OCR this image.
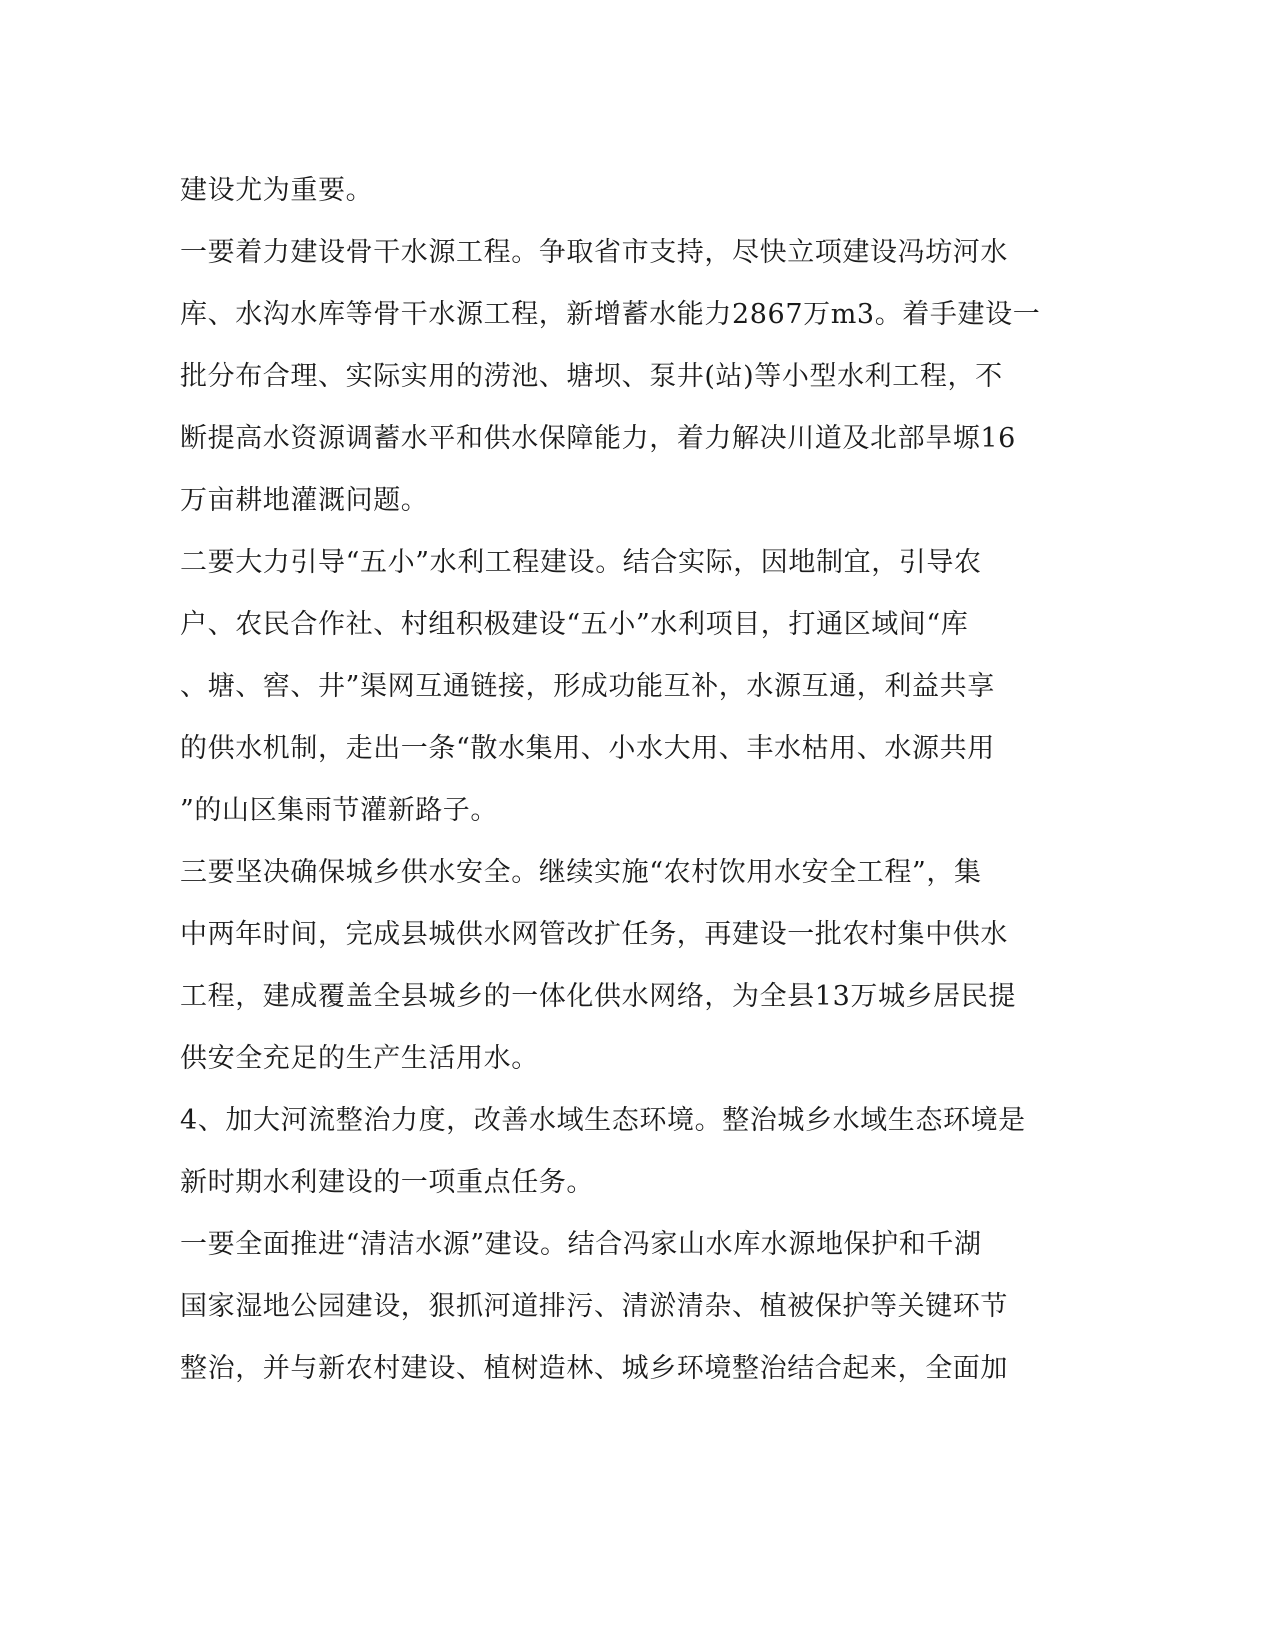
建设尤为重要。
一要着力建设骨干水源工程。争取省市支持，尽快立项建设冯坊河水
库、水沟水库等骨干水源工程，新增蓄水能力2867万m3。着手建设一
批分布合理、实际实用的涝池、塘坝、泵井(站)等小型水利工程，不
断提高水资源调蓄水平和供水保障能力，着力解决川道及北部旱塬16
万亩耕地灌溉问题。
二要大力引导“五小”水利工程建设。结合实际，因地制宜，引导农
户、农民合作社、村组积极建设“五小”水利项目，打通区域间“库
、塘、窖、井”渠网互通链接，形成功能互补，水源互通，利益共享
的供水机制，走出一条“散水集用、小水大用、丰水枯用、水源共用
”的山区集雨节灌新路子。
三要坚决确保城乡供水安全。继续实施“农村饮用水安全工程”，集
中两年时间，完成县城供水网管改扩任务，再建设一批农村集中供水
工程，建成覆盖全县城乡的一体化供水网络，为全县13万城乡居民提
供安全充足的生产生活用水。
4、加大河流整治力度，改善水域生态环境。整治城乡水域生态环境是
新时期水利建设的一项重点任务。
一要全面推进“清洁水源”建设。结合冯家山水库水源地保护和千湖
国家湿地公园建设，狠抓河道排污、清淤清杂、植被保护等关键环节
整治，并与新农村建设、植树造林、城乡环境整治结合起来，全面加
